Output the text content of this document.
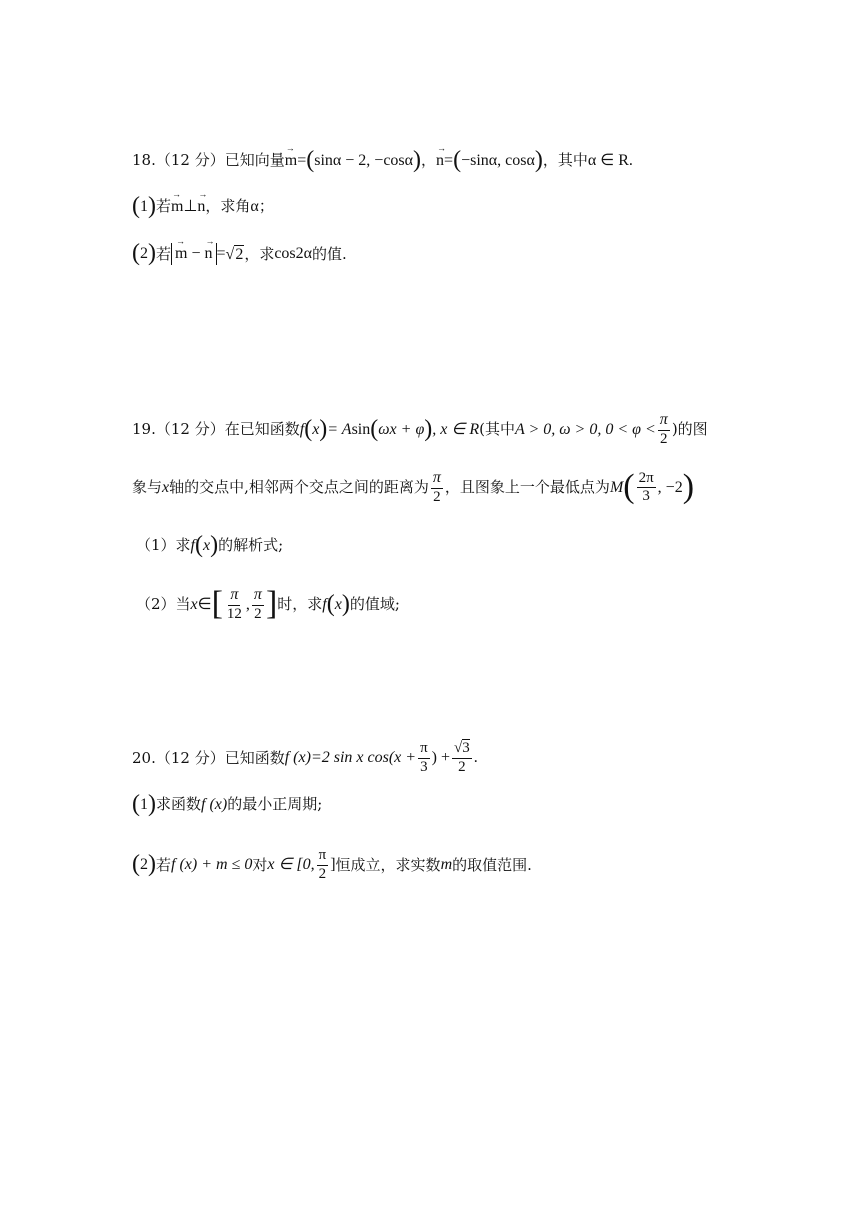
18. （12 分） 已知向量 → m = ( sinα − 2, −cosα ) ， → n = ( −sinα, cosα ) ，其中 α ∈ R .
( 1 ) 若 → m ⊥ → n ，求角 α ；
( 2 ) 若 → m − → n = √ 2 ，求 cos2α 的值.
19. （12 分） 在已知函数 f ( x ) = A sin ( ωx + φ ) , x ∈ R (其中 A > 0 , ω > 0 , $0 < \varphi < \frac{\pi}{2}$ )的图
象与 x 轴的交点中,相邻两个交点之间的距离为 $\frac{\pi}{2}$ ，且图象上一个最低点为 M ( $\frac{2\pi}{3}$ , −2 )
（1）求 f ( x ) 的解析式;
（2）当 x ∈ [ $\frac{\pi}{12}$ , $\frac{\pi}{2}$ ] 时，求 f ( x ) 的值域;
20. （12 分） 已知函数 f (x)=2 sin x $\cos(x + \frac{\pi}{3}$ ) + $\frac{√3}{2}$ .
( 1 ) 求函数 f (x) 的最小正周期;
( 2 ) 若 f (x) + m ≤ 0 对 x ∈ [0, $\frac{\pi}{2}$ ] 恒成立，求实数 m 的取值范围.
